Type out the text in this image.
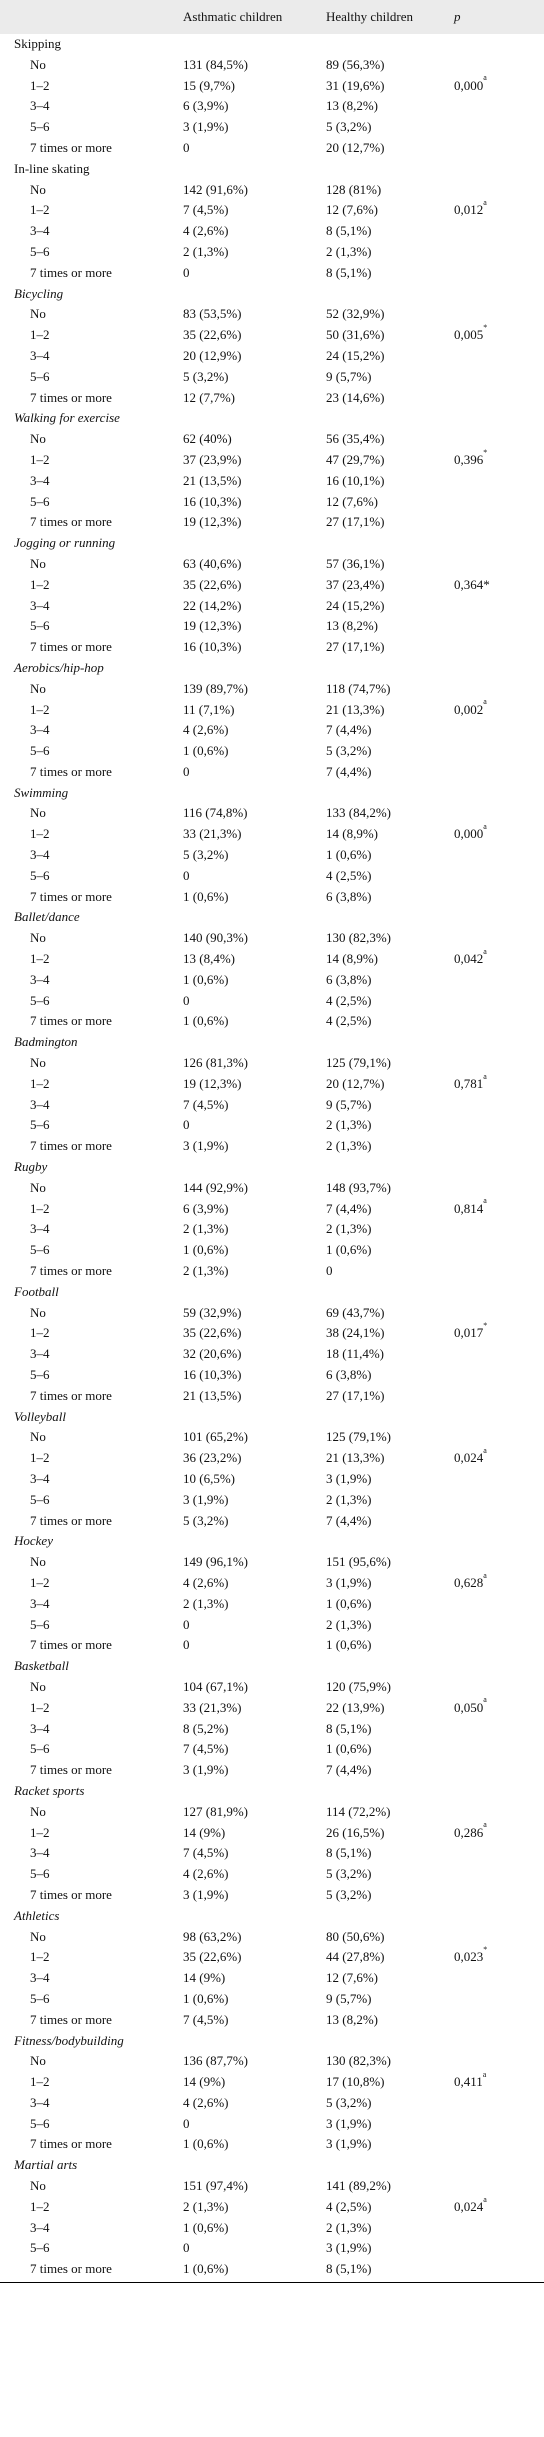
Asthmatic children	Healthy children	p
Skipping
No	131 (84,5%)	89 (56,3%)
1–2	15 (9,7%)	31 (19,6%)	0,000$^a$
3–4	6 (3,9%)	13 (8,2%)
5–6	3 (1,9%)	5 (3,2%)
7 times or more	0	20 (12,7%)
In-line skating
No	142 (91,6%)	128 (81%)
1–2	7 (4,5%)	12 (7,6%)	0,012$^a$
3–4	4 (2,6%)	8 (5,1%)
5–6	2 (1,3%)	2 (1,3%)
7 times or more	0	8 (5,1%)
Bicycling
No	83 (53,5%)	52 (32,9%)
1–2	35 (22,6%)	50 (31,6%)	0,005*
3–4	20 (12,9%)	24 (15,2%)
5–6	5 (3,2%)	9 (5,7%)
7 times or more	12 (7,7%)	23 (14,6%)
Walking for exercise
No	62 (40%)	56 (35,4%)
1–2	37 (23,9%)	47 (29,7%)	0,396*
3–4	21 (13,5%)	16 (10,1%)
5–6	16 (10,3%)	12 (7,6%)
7 times or more	19 (12,3%)	27 (17,1%)
Jogging or running
No	63 (40,6%)	57 (36,1%)
1–2	35 (22,6%)	37 (23,4%)	0,364*
3–4	22 (14,2%)	24 (15,2%)
5–6	19 (12,3%)	13 (8,2%)
7 times or more	16 (10,3%)	27 (17,1%)
Aerobics/hip-hop
No	139 (89,7%)	118 (74,7%)
1–2	11 (7,1%)	21 (13,3%)	0,002$^a$
3–4	4 (2,6%)	7 (4,4%)
5–6	1 (0,6%)	5 (3,2%)
7 times or more	0	7 (4,4%)
Swimming
No	116 (74,8%)	133 (84,2%)
1–2	33 (21,3%)	14 (8,9%)	0,000$^a$
3–4	5 (3,2%)	1 (0,6%)
5–6	0	4 (2,5%)
7 times or more	1 (0,6%)	6 (3,8%)
Ballet/dance
No	140 (90,3%)	130 (82,3%)
1–2	13 (8,4%)	14 (8,9%)	0,042$^a$
3–4	1 (0,6%)	6 (3,8%)
5–6	0	4 (2,5%)
7 times or more	1 (0,6%)	4 (2,5%)
Badmington
No	126 (81,3%)	125 (79,1%)
1–2	19 (12,3%)	20 (12,7%)	0,781$^a$
3–4	7 (4,5%)	9 (5,7%)
5–6	0	2 (1,3%)
7 times or more	3 (1,9%)	2 (1,3%)
Rugby
No	144 (92,9%)	148 (93,7%)
1–2	6 (3,9%)	7 (4,4%)	0,814$^a$
3–4	2 (1,3%)	2 (1,3%)
5–6	1 (0,6%)	1 (0,6%)
7 times or more	2 (1,3%)	0
Football
No	59 (32,9%)	69 (43,7%)
1–2	35 (22,6%)	38 (24,1%)	0,017*
3–4	32 (20,6%)	18 (11,4%)
5–6	16 (10,3%)	6 (3,8%)
7 times or more	21 (13,5%)	27 (17,1%)
Volleyball
No	101 (65,2%)	125 (79,1%)
1–2	36 (23,2%)	21 (13,3%)	0,024$^a$
3–4	10 (6,5%)	3 (1,9%)
5–6	3 (1,9%)	2 (1,3%)
7 times or more	5 (3,2%)	7 (4,4%)
Hockey
No	149 (96,1%)	151 (95,6%)
1–2	4 (2,6%)	3 (1,9%)	0,628$^a$
3–4	2 (1,3%)	1 (0,6%)
5–6	0	2 (1,3%)
7 times or more	0	1 (0,6%)
Basketball
No	104 (67,1%)	120 (75,9%)
1–2	33 (21,3%)	22 (13,9%)	0,050$^a$
3–4	8 (5,2%)	8 (5,1%)
5–6	7 (4,5%)	1 (0,6%)
7 times or more	3 (1,9%)	7 (4,4%)
Racket sports
No	127 (81,9%)	114 (72,2%)
1–2	14 (9%)	26 (16,5%)	0,286$^a$
3–4	7 (4,5%)	8 (5,1%)
5–6	4 (2,6%)	5 (3,2%)
7 times or more	3 (1,9%)	5 (3,2%)
Athletics
No	98 (63,2%)	80 (50,6%)
1–2	35 (22,6%)	44 (27,8%)	0,023*
3–4	14 (9%)	12 (7,6%)
5–6	1 (0,6%)	9 (5,7%)
7 times or more	7 (4,5%)	13 (8,2%)
Fitness/bodybuilding
No	136 (87,7%)	130 (82,3%)
1–2	14 (9%)	17 (10,8%)	0,411$^a$
3–4	4 (2,6%)	5 (3,2%)
5–6	0	3 (1,9%)
7 times or more	1 (0,6%)	3 (1,9%)
Martial arts
No	151 (97,4%)	141 (89,2%)
1–2	2 (1,3%)	4 (2,5%)	0,024$^a$
3–4	1 (0,6%)	2 (1,3%)
5–6	0	3 (1,9%)
7 times or more	1 (0,6%)	8 (5,1%)
